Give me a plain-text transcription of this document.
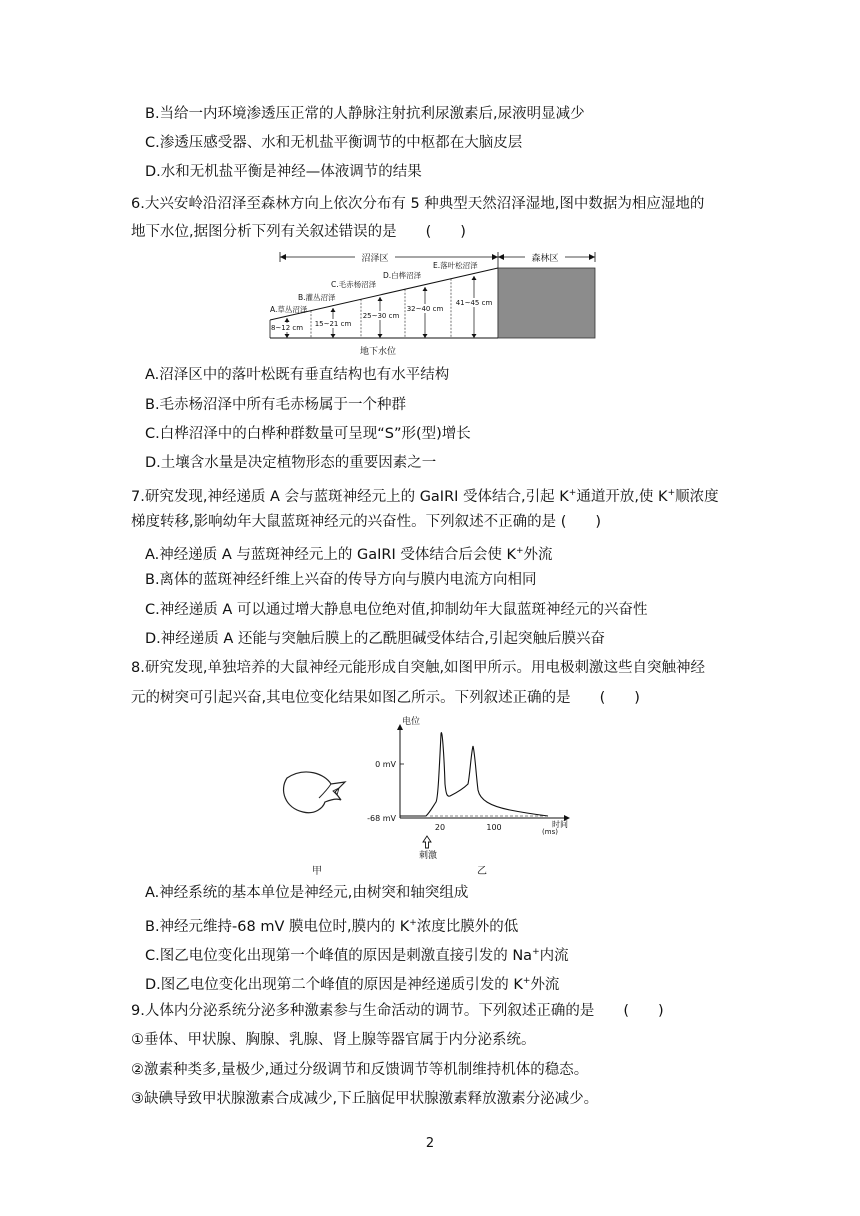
B.当给一内环境渗透压正常的人静脉注射抗利尿激素后,尿液明显减少
C.渗透压感受器、水和无机盐平衡调节的中枢都在大脑皮层
D.水和无机盐平衡是神经—体液调节的结果
6.大兴安岭沿沼泽至森林方向上依次分布有 5 种典型天然沼泽湿地,图中数据为相应湿地的
地下水位,据图分析下列有关叙述错误的是　　(　　)
沼泽区	森林区
A.草丛沼泽
B.灌丛沼泽
C.毛赤杨沼泽
D.白桦沼泽
E.落叶松沼泽
8~12 cm 15~21 cm
25~30 cm
32~40 cm
41~45 cm
地下水位
A.沼泽区中的落叶松既有垂直结构也有水平结构
B.毛赤杨沼泽中所有毛赤杨属于一个种群
C.白桦沼泽中的白桦种群数量可呈现“S”形(型)增长
D.土壤含水量是决定植物形态的重要因素之一
7.研究发现,神经递质 A 会与蓝斑神经元上的 GaIRI 受体结合,引起 K+通道开放,使 K+顺浓度
梯度转移,影响幼年大鼠蓝斑神经元的兴奋性。下列叙述不正确的是 (　　)
A.神经递质 A 与蓝斑神经元上的 GaIRI 受体结合后会使 K+外流
B.离体的蓝斑神经纤维上兴奋的传导方向与膜内电流方向相同
C.神经递质 A 可以通过增大静息电位绝对值,抑制幼年大鼠蓝斑神经元的兴奋性
D.神经递质 A 还能与突触后膜上的乙酰胆碱受体结合,引起突触后膜兴奋
8.研究发现,单独培养的大鼠神经元能形成自突触,如图甲所示。用电极刺激这些自突触神经
元的树突可引起兴奋,其电位变化结果如图乙所示。下列叙述正确的是　　(　　)
甲
电位
0 mV
-68 mV
20	100	时间
(ms)
刺激
乙
A.神经系统的基本单位是神经元,由树突和轴突组成
B.神经元维持-68 mV 膜电位时,膜内的 K+浓度比膜外的低
C.图乙电位变化出现第一个峰值的原因是刺激直接引发的 Na+内流
D.图乙电位变化出现第二个峰值的原因是神经递质引发的 K+外流
9.人体内分泌系统分泌多种激素参与生命活动的调节。下列叙述正确的是　　(　　)
①垂体、甲状腺、胸腺、乳腺、肾上腺等器官属于内分泌系统。
②激素种类多,量极少,通过分级调节和反馈调节等机制维持机体的稳态。
③缺碘导致甲状腺激素合成减少,下丘脑促甲状腺激素释放激素分泌减少。
2
